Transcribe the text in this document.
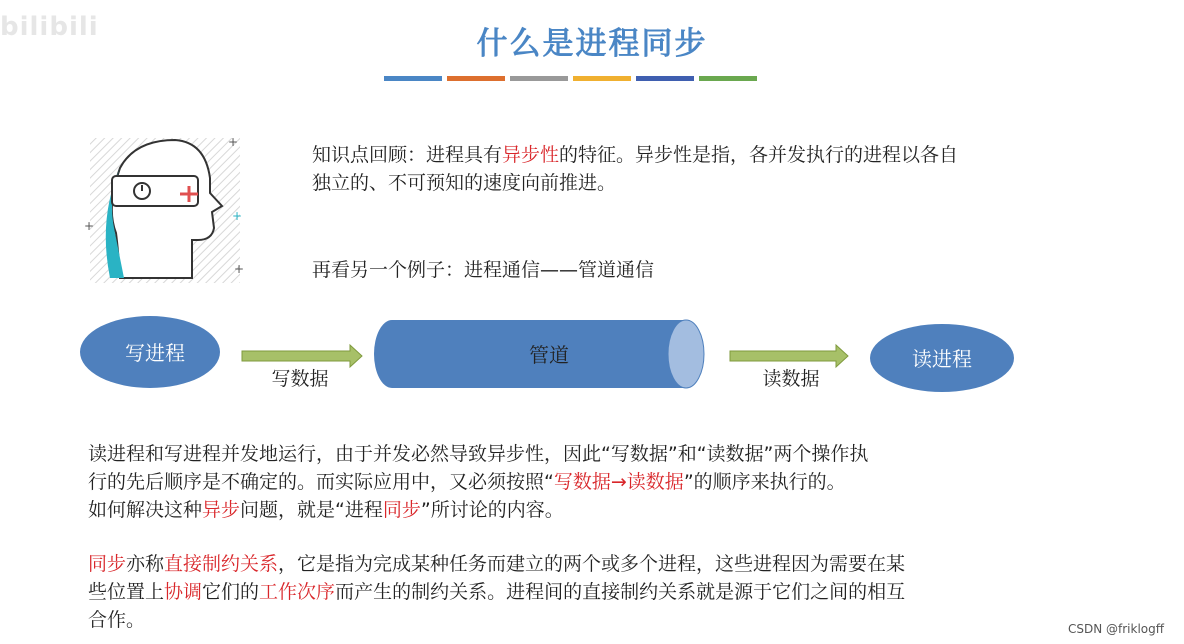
bilibili	什么是进程同步
+
+
+
+
知识点回顾：进程具有异步性的特征。异步性是指，各并发执行的进程以各自
独立的、不可预知的速度向前推进。
再看另一个例子：进程通信——管道通信
写进程
写数据
管道
读数据
读进程
读进程和写进程并发地运行，由于并发必然导致异步性，因此“写数据”和“读数据”两个操作执
行的先后顺序是不确定的。而实际应用中，又必须按照“写数据→读数据”的顺序来执行的。
如何解决这种异步问题，就是“进程同步”所讨论的内容。
同步亦称直接制约关系，它是指为完成某种任务而建立的两个或多个进程，这些进程因为需要在某
些位置上协调它们的工作次序而产生的制约关系。进程间的直接制约关系就是源于它们之间的相互
合作。	CSDN @friklogff
